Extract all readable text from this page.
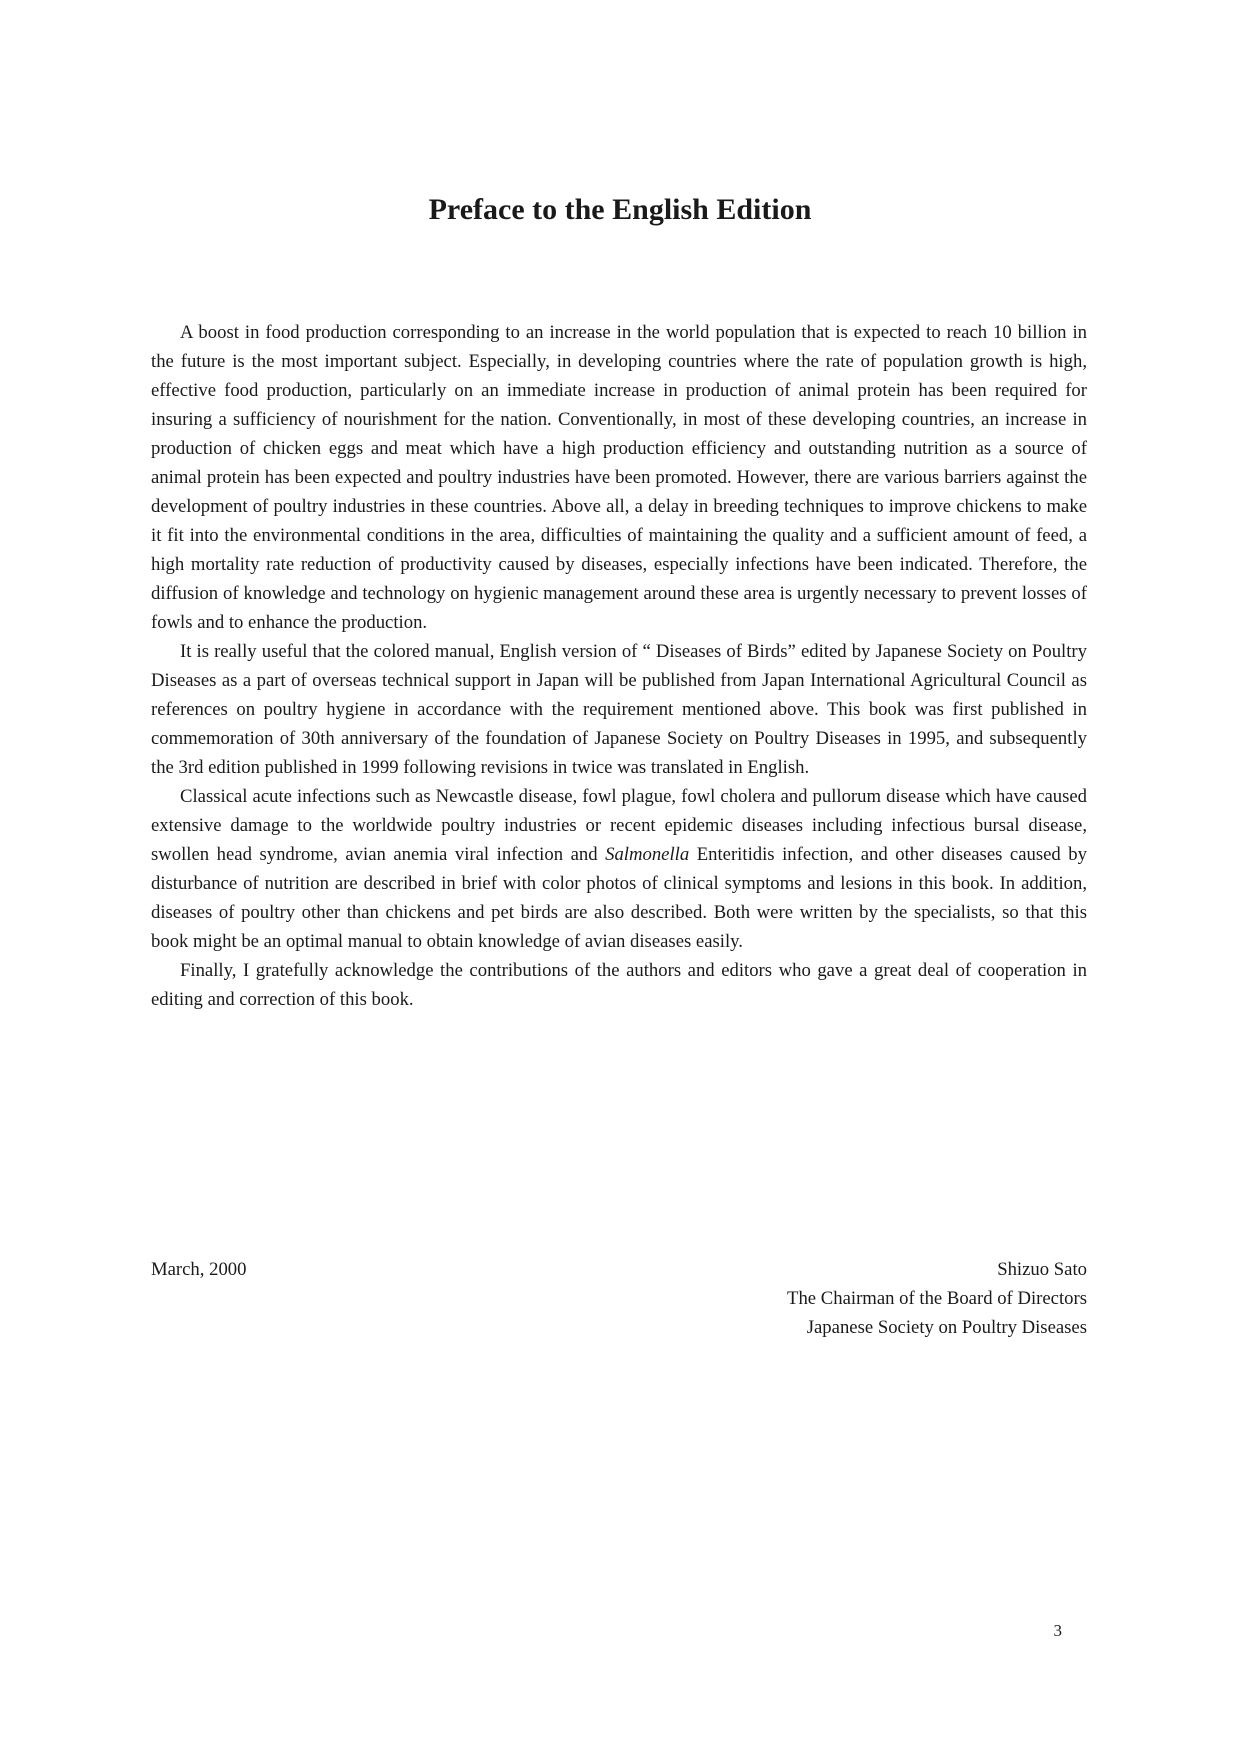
Preface to the English Edition

A boost in food production corresponding to an increase in the world population that is expected to reach 10 billion in the future is the most important subject. Especially, in developing countries where the rate of population growth is high, effective food production, particularly on an immediate increase in production of animal protein has been required for insuring a sufficiency of nourishment for the nation. Conventionally, in most of these developing countries, an increase in production of chicken eggs and meat which have a high production efficiency and outstanding nutrition as a source of animal protein has been expected and poultry industries have been promoted. However, there are various barriers against the development of poultry industries in these countries. Above all, a delay in breeding techniques to improve chickens to make it fit into the environmental conditions in the area, difficulties of maintaining the quality and a sufficient amount of feed, a high mortality rate reduction of productivity caused by diseases, especially infections have been indicated. Therefore, the diffusion of knowledge and technology on hygienic management around these area is urgently necessary to prevent losses of fowls and to enhance the production.

It is really useful that the colored manual, English version of “ Diseases of Birds” edited by Japanese Society on Poultry Diseases as a part of overseas technical support in Japan will be published from Japan International Agricultural Council as references on poultry hygiene in accordance with the requirement mentioned above. This book was first published in commemoration of 30th anniversary of the foundation of Japanese Society on Poultry Diseases in 1995, and subsequently the 3rd edition published in 1999 following revisions in twice was translated in English.

Classical acute infections such as Newcastle disease, fowl plague, fowl cholera and pullorum disease which have caused extensive damage to the worldwide poultry industries or recent epidemic diseases including infectious bursal disease, swollen head syndrome, avian anemia viral infection and Salmonella Enteritidis infection, and other diseases caused by disturbance of nutrition are described in brief with color photos of clinical symptoms and lesions in this book. In addition, diseases of poultry other than chickens and pet birds are also described. Both were written by the specialists, so that this book might be an optimal manual to obtain knowledge of avian diseases easily.

Finally, I gratefully acknowledge the contributions of the authors and editors who gave a great deal of cooperation in editing and correction of this book.

March, 2000	Shizuo Sato
The Chairman of the Board of Directors
Japanese Society on Poultry Diseases
3
